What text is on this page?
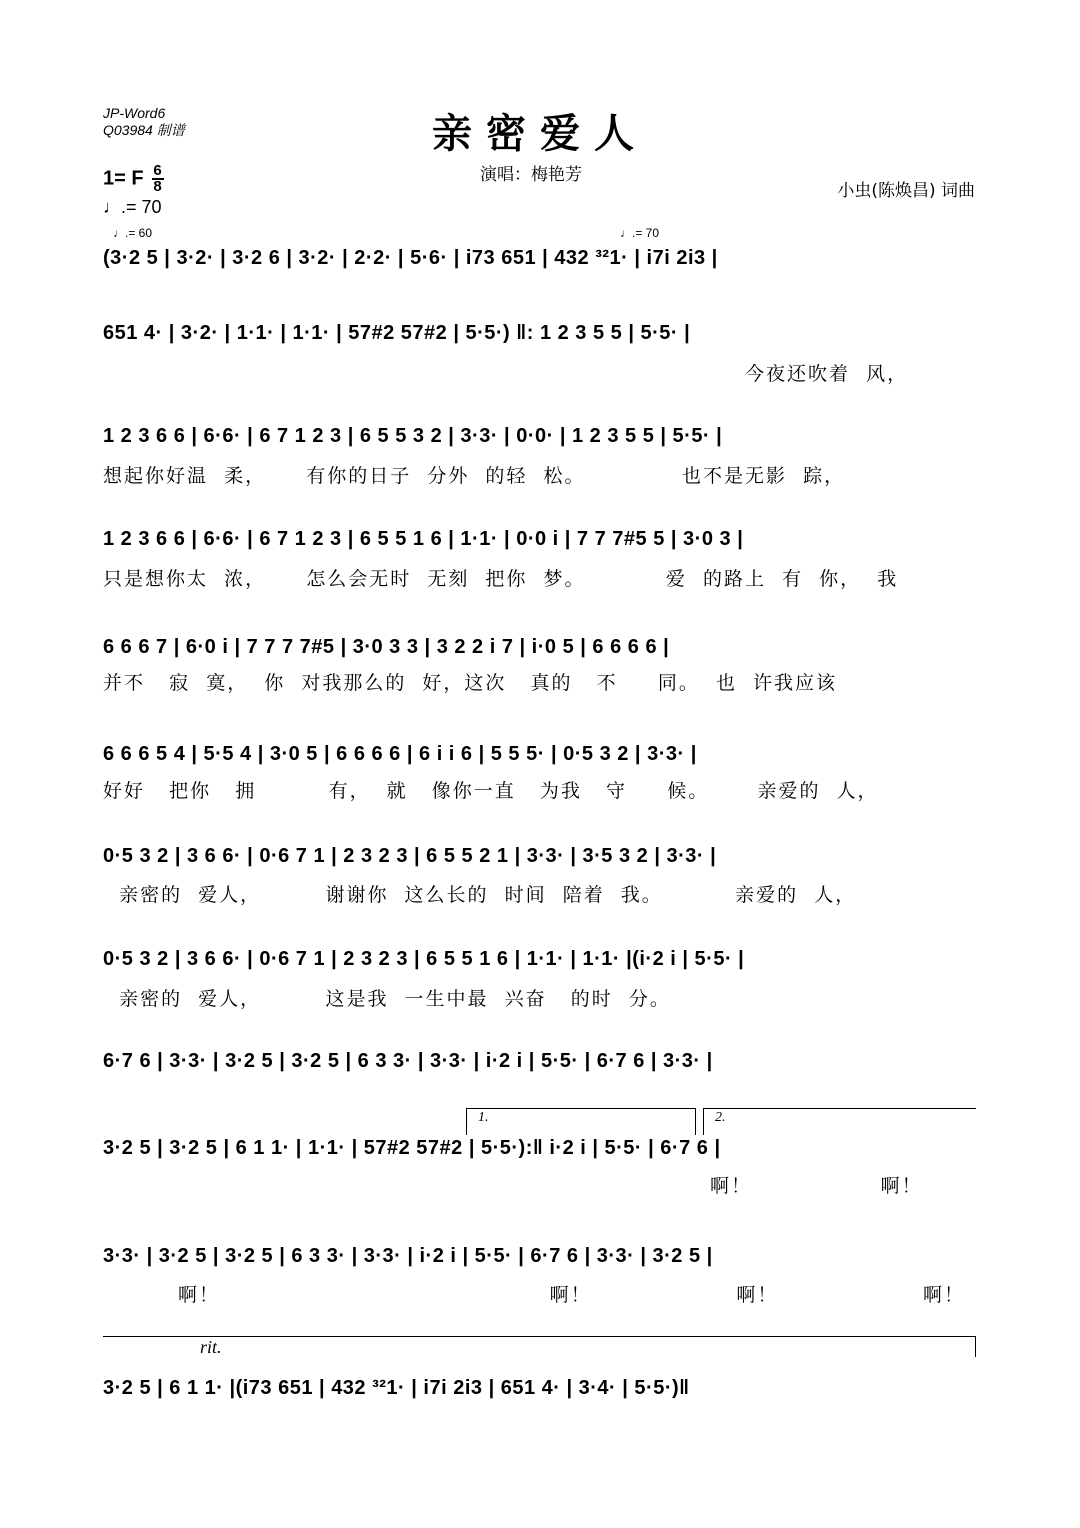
JP-Word6
Q03984 制谱	亲密爱人
演唱：梅艳芳
1= F $\frac{6}{8}$
♩.= 70
小虫(陈焕昌) 词曲
♩.= 60	♩.= 70
(3·2 5 | 3·2· | 3·2 6 | 3·2· | 2·2· | 5·6· | i73 651 | 432 ³²1· | i7i 2i3 |
651 4· | 3·2· | 1·1· | 1·1· | 57#2 57#2 | 5·5·) ‖: 1 2 3 5 5 | 5·5· |
今夜还吹着  风，
1 2 3 6 6 | 6·6· | 6 7 1 2 3 | 6 5 5 3 2 | 3·3· | 0·0· | 1 2 3 5 5 | 5·5· |
想起你好温  柔，     有你的日子  分外  的轻  松。            也不是无影  踪，
1 2 3 6 6 | 6·6· | 6 7 1 2 3 | 6 5 5 1 6 | 1·1· | 0·0 i | 7 7 7#5 5 | 3·0 3 |
只是想你太  浓，     怎么会无时  无刻  把你  梦。          爱  的路上  有  你，  我
6 6 6 7 | 6·0 i | 7 7 7 7#5 | 3·0 3 3 | 3 2 2 i 7 | i·0 5 | 6 6 6 6 |
并不   寂  寞，  你  对我那么的  好，这次   真的   不     同。  也  许我应该
6 6 6 5 4 | 5·5 4 | 3·0 5 | 6 6 6 6 | 6 i i 6 | 5 5 5· | 0·5 3 2 | 3·3· |
好好   把你   拥         有，  就   像你一直   为我   守     候。      亲爱的  人，
0·5 3 2 | 3 6 6· | 0·6 7 1 | 2 3 2 3 | 6 5 5 2 1 | 3·3· | 3·5 3 2 | 3·3· |
亲密的  爱人，        谢谢你  这么长的  时间  陪着  我。         亲爱的  人，
0·5 3 2 | 3 6 6· | 0·6 7 1 | 2 3 2 3 | 6 5 5 1 6 | 1·1· | 1·1· |(i·2 i | 5·5· |
亲密的  爱人，        这是我  一生中最  兴奋   的时  分。
6·7 6 | 3·3· | 3·2 5 | 3·2 5 | 6 3 3· | 3·3· | i·2 i | 5·5· | 6·7 6 | 3·3· |
1.	2.
3·2 5 | 3·2 5 | 6 1 1· | 1·1· | 57#2 57#2 | 5·5·):‖ i·2 i | 5·5· | 6·7 6 |
啊！                啊！
3·3· | 3·2 5 | 3·2 5 | 6 3 3· | 3·3· | i·2 i | 5·5· | 6·7 6 | 3·3· | 3·2 5 |
啊！                                         啊！                  啊！                  啊！
rit.
3·2 5 | 6 1 1· |(i73 651 | 432 ³²1· | i7i 2i3 | 651 4· | 3·4· | 5·5·)‖
